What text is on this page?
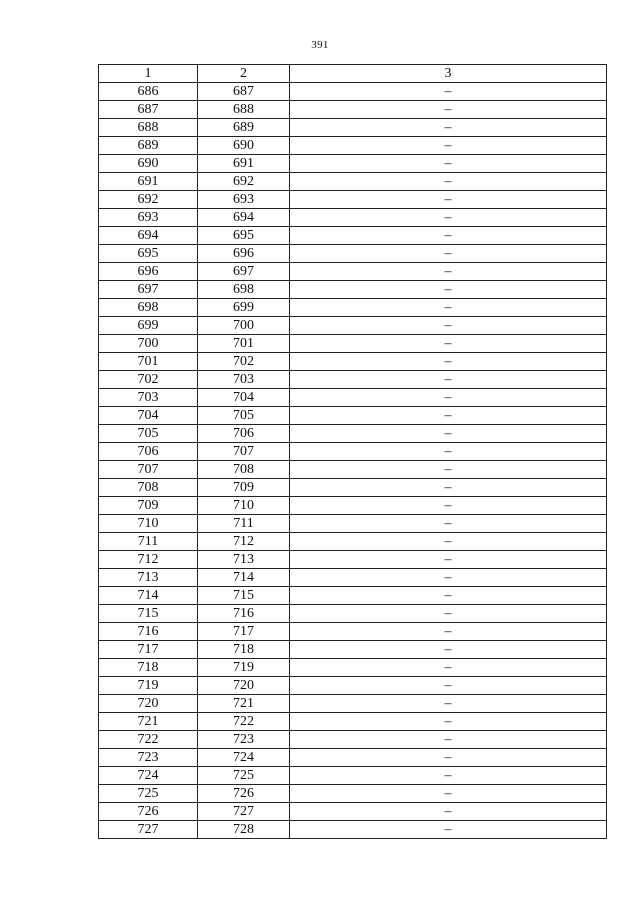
391
1	2	3
686	687	–
687	688	–
688	689	–
689	690	–
690	691	–
691	692	–
692	693	–
693	694	–
694	695	–
695	696	–
696	697	–
697	698	–
698	699	–
699	700	–
700	701	–
701	702	–
702	703	–
703	704	–
704	705	–
705	706	–
706	707	–
707	708	–
708	709	–
709	710	–
710	711	–
711	712	–
712	713	–
713	714	–
714	715	–
715	716	–
716	717	–
717	718	–
718	719	–
719	720	–
720	721	–
721	722	–
722	723	–
723	724	–
724	725	–
725	726	–
726	727	–
727	728	–
